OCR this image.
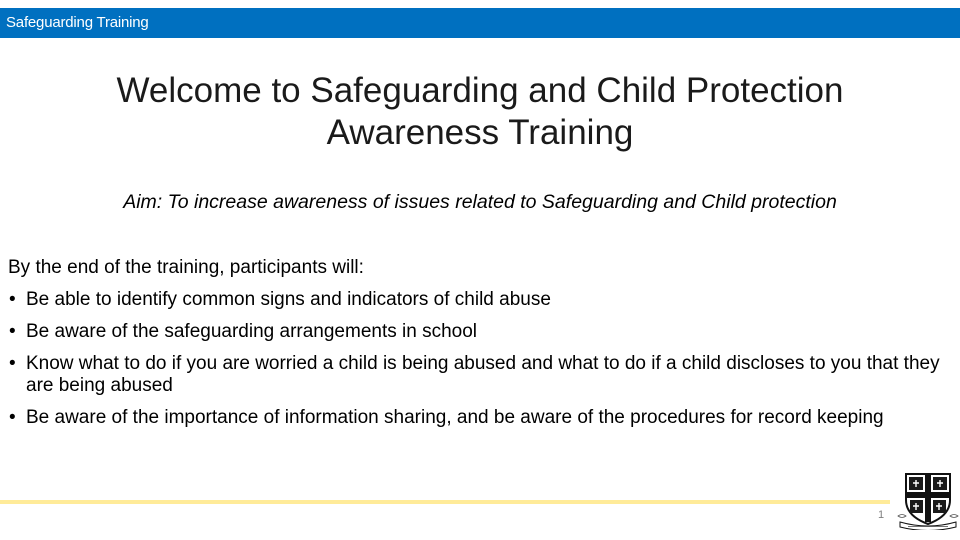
Safeguarding Training
Welcome to Safeguarding and Child Protection
Awareness Training

Aim: To increase awareness of issues related to Safeguarding and Child protection

By the end of the training, participants will:
• Be able to identify common signs and indicators of child abuse
• Be aware of the safeguarding arrangements in school
• Know what to do if you are worried a child is being abused and what to do if a child discloses to you that they are being abused
• Be aware of the importance of information sharing, and be aware of the procedures for record keeping
1
